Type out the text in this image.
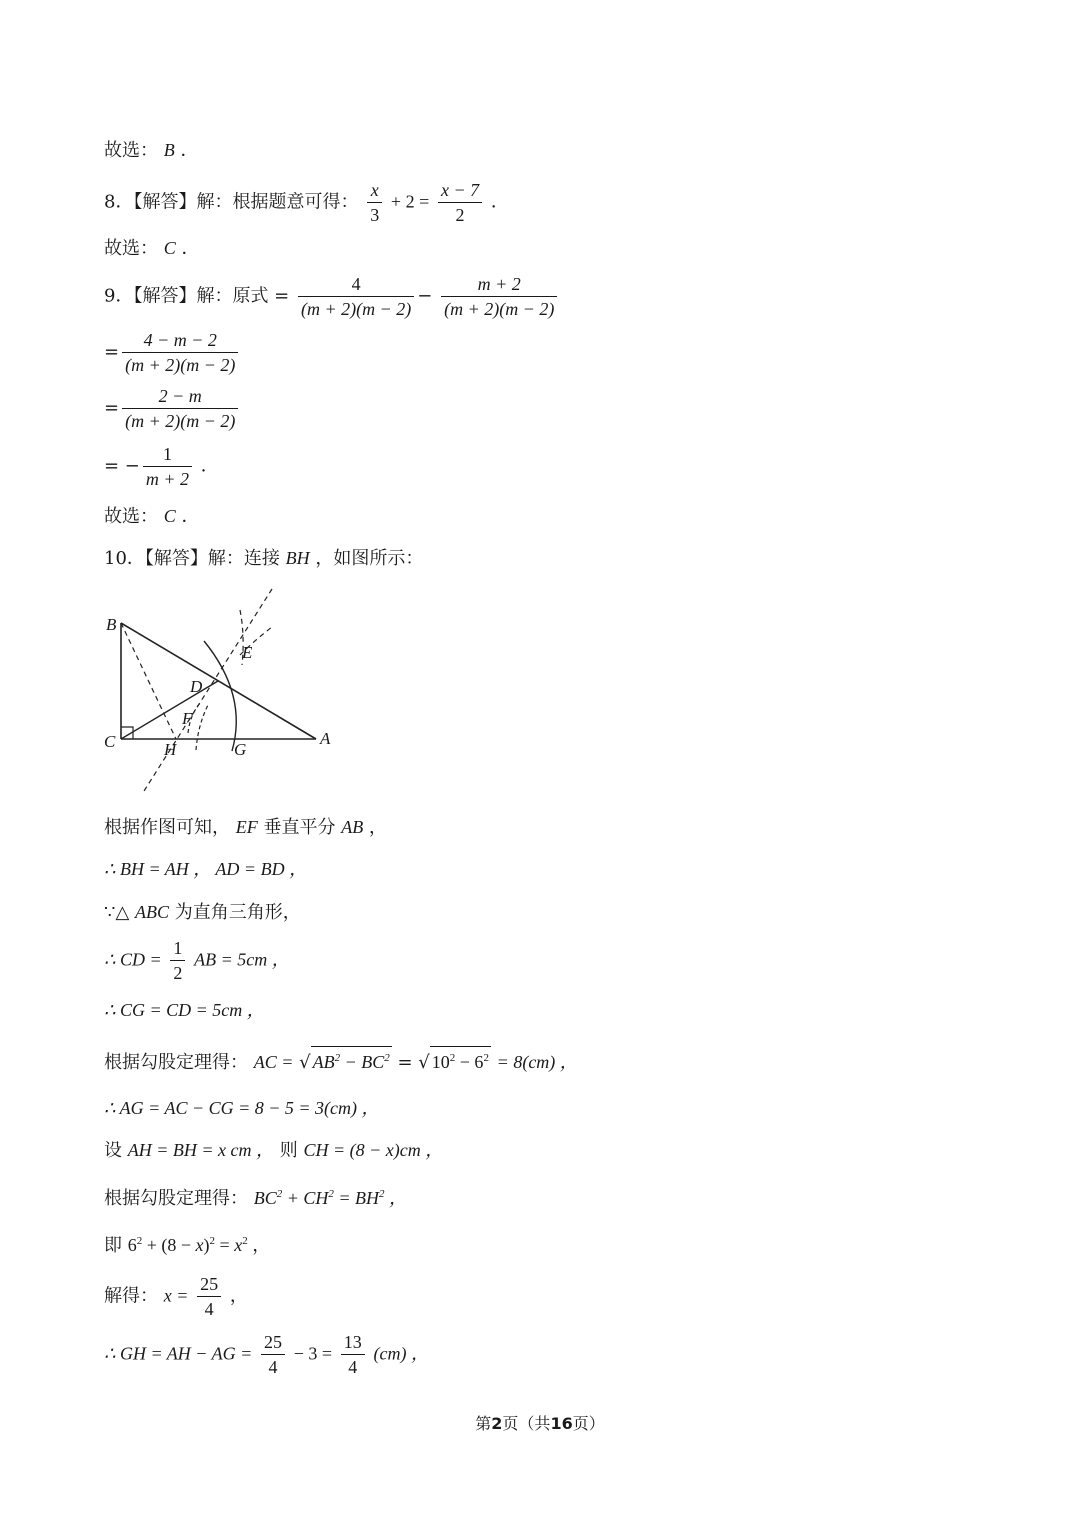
故选： B ．
8．【解答】解：根据题意可得： $\frac{x}{3} + 2 = \frac{x - 7}{2}$ ．
故选： C ．
9．【解答】解：原式 = $\frac{4}{(m + 2)(m - 2)} - \frac{m + 2}{(m + 2)(m - 2)}$
= $\frac{4 - m - 2}{(m + 2)(m - 2)}$
= $\frac{2 - m}{(m + 2)(m - 2)}$
= − $\frac{1}{m + 2}$ ．
故选： C ．
10．【解答】解：连接 BH ，如图所示：
B
C	H	G
A
D
E
F
根据作图可知， EF 垂直平分 AB ，
∴ BH = AH ， AD = BD ，
∵△ ABC 为直角三角形，
∴ CD = $\frac{1}{2}$ AB = 5cm ，
∴ CG = CD = 5cm ，
根据勾股定理得： AC = √ $AB^2 - BC^2$ = √ $10^2 - 6^2 = 8(cm)$ ，
∴ AG = AC − CG = 8 − 5 = 3(cm) ，
设 AH = BH = x cm ， 则 CH = (8 − x)cm ，
根据勾股定理得： $BC^2 + CH^2 = BH^2$ ，
即 $6^2 + (8 - x)^2 = x^2$ ，
解得： $x = \frac{25}{4}$ ，
∴ GH = AH − AG = $\frac{25}{4} - 3 = \frac{13}{4} (cm)$ ，
第2页（共16页）
